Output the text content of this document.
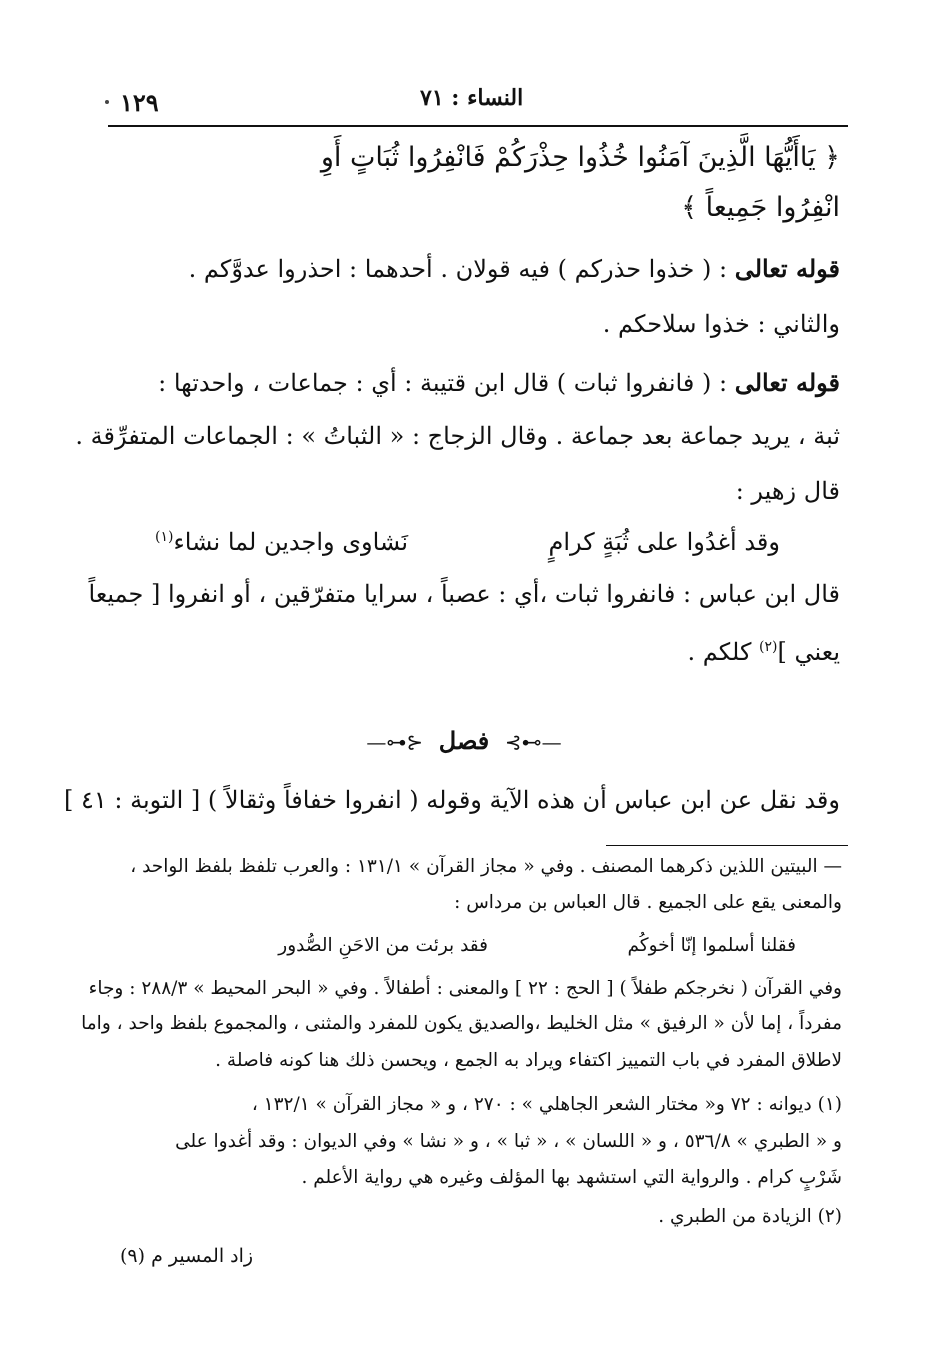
١٢٩	النساء : ٧١
﴿ يَاأَيُّهَا الَّذِينَ آمَنُوا خُذُوا حِذْرَكُمْ فَانْفِرُوا ثُبَاتٍ أَوِ
انْفِرُوا جَمِيعاً ﴾
قوله تعالى : ( خذوا حذركم ) فيه قولان . أحدهما : احذروا عدوَّكم .
والثاني : خذوا سلاحكم .
قوله تعالى : ( فانفروا ثبات ) قال ابن قتيبة : أي : جماعات ، واحدتها :
ثبة ، يريد جماعة بعد جماعة . وقال الزجاج : « الثباتُ » : الجماعات المتفرِّقة .
قال زهير :
وقد أغدُوا على ثُبَةٍ كرامٍ
نَشاوى واجدين لما نشاء$^{(١)}$
قال ابن عباس : فانفروا ثبات ،أي : عصباً ، سرايا متفرّقين ، أو انفروا [ جميعاً
يعني ]$^{(٢)}$ كلكم .
—⊶⊱ فصل ⊰⊷—
وقد نقل عن ابن عباس أن هذه الآية وقوله ( انفروا خفافاً وثقالاً ) [ التوبة : ٤١ ]
— البيتين اللذين ذكرهما المصنف . وفي « مجاز القرآن » ١٣١/١ : والعرب تلفظ بلفظ الواحد ،
والمعنى يقع على الجميع . قال العباس بن مرداس :
فقلنا أسلموا إنّا أخوكُم
فقد برئت من الاحَنِ الصُّدور
وفي القرآن ( نخرجكم طفلاً ) [ الحج : ٢٢ ] والمعنى : أطفالاً . وفي « البحر المحيط » ٢٨٨/٣ : وجاء
مفرداً ، إما لأن « الرفيق » مثل الخليط ،والصديق يكون للمفرد والمثنى ، والمجموع بلفظ واحد ، واما
لاطلاق المفرد في باب التمييز اكتفاء ويراد به الجمع ، ويحسن ذلك هنا كونه فاصلة .
(١) ديوانه : ٧٢ و« مختار الشعر الجاهلي » : ٢٧٠ ، و « مجاز القرآن » ١٣٢/١ ،
و « الطبري » ٥٣٦/٨ ، و « اللسان » ، « ثبا » ، و « نشا » وفي الديوان : وقد أغدوا على
شَرْبٍ كرام . والرواية التي استشهد بها المؤلف وغيره هي رواية الأعلم .
(٢) الزيادة من الطبري .
زاد المسير م (٩)
